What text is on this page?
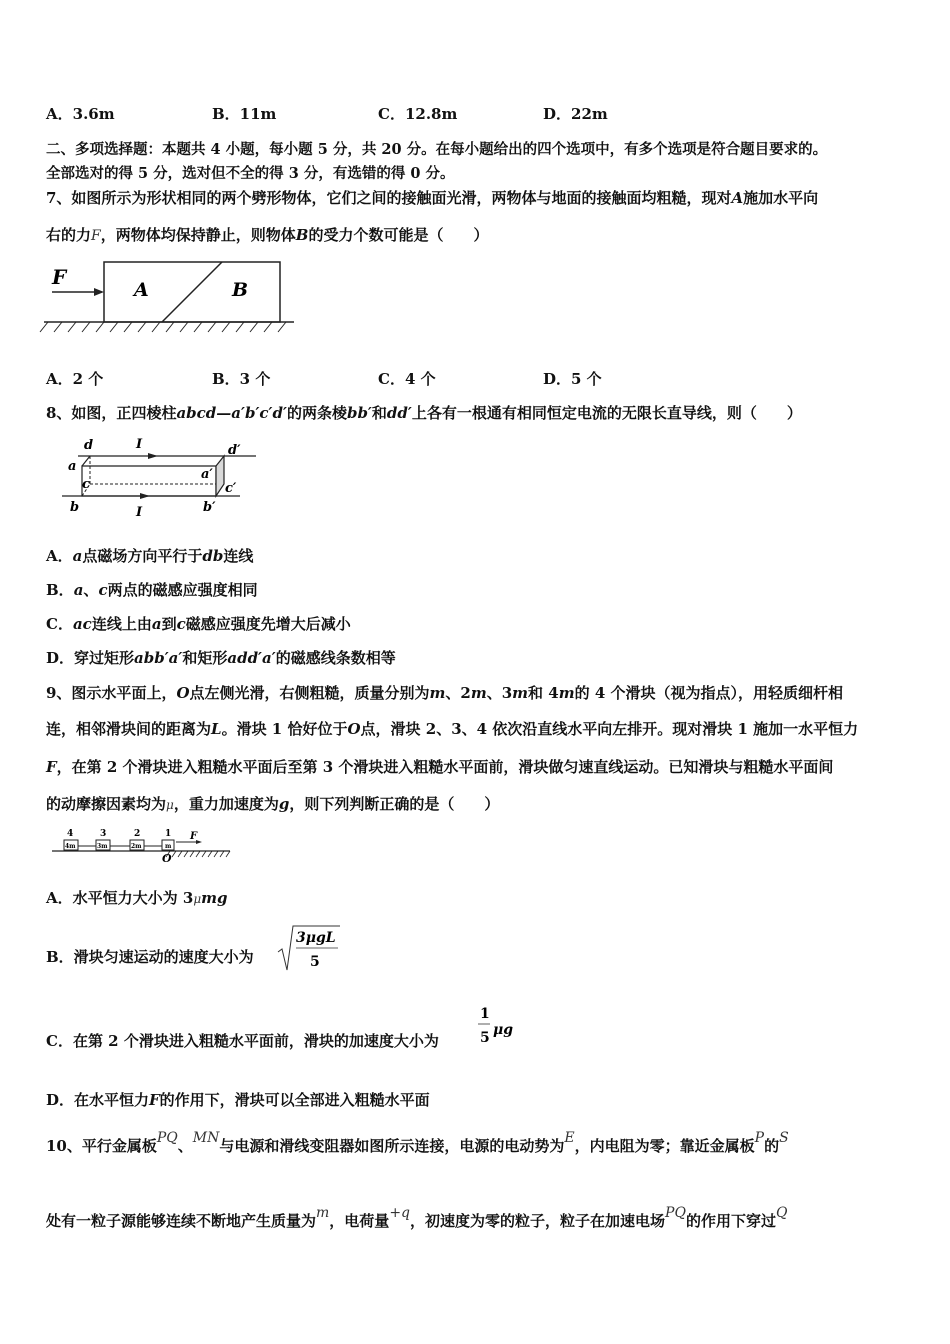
A．3.6m	B．11m	C．12.8m	D．22m
二、多项选择题：本题共 4 小题，每小题 5 分，共 20 分。在每小题给出的四个选项中，有多个选项是符合题目要求的。
全部选对的得 5 分，选对但不全的得 3 分，有选错的得 0 分。
7、如图所示为形状相同的两个劈形物体，它们之间的接触面光滑，两物体与地面的接触面均粗糙，现对A施加水平向
右的力F，两物体均保持静止，则物体B的受力个数可能是（　　）
F
A	B
A．2 个	B．3 个	C．4 个	D．5 个
8、如图，正四棱柱abcd—a′b′c′d′的两条棱bb′和dd′上各有一根通有相同恒定电流的无限长直导线，则（　　）
d	I	d′
a
a′
c	c′
b	b′
I
A．a点磁场方向平行于db连线
B．a、c两点的磁感应强度相同
C．ac连线上由a到c磁感应强度先增大后减小
D．穿过矩形abb′a′和矩形add′a′的磁感线条数相等
9、图示水平面上，O点左侧光滑，右侧粗糙，质量分别为m、2m、3m和 4m的 4 个滑块（视为指点），用轻质细杆相
连，相邻滑块间的距离为L。滑块 1 恰好位于O点，滑块 2、3、4 依次沿直线水平向左排开。现对滑块 1 施加一水平恒力
F，在第 2 个滑块进入粗糙水平面后至第 3 个滑块进入粗糙水平面前，滑块做匀速直线运动。已知滑块与粗糙水平面间
的动摩擦因素均为μ，重力加速度为g，则下列判断正确的是（　　）
4m	3m	2m	m
4	3	2	1 F
O
A．水平恒力大小为 3μmg
B．滑块匀速运动的速度大小为
3μgL
5
C．在第 2 个滑块进入粗糙水平面前，滑块的加速度大小为
1
5 μg
D．在水平恒力F的作用下，滑块可以全部进入粗糙水平面
10、平行金属板PQ、MN与电源和滑线变阻器如图所示连接，电源的电动势为E，内电阻为零；靠近金属板P的S
处有一粒子源能够连续不断地产生质量为m，电荷量+q，初速度为零的粒子，粒子在加速电场PQ的作用下穿过Q
